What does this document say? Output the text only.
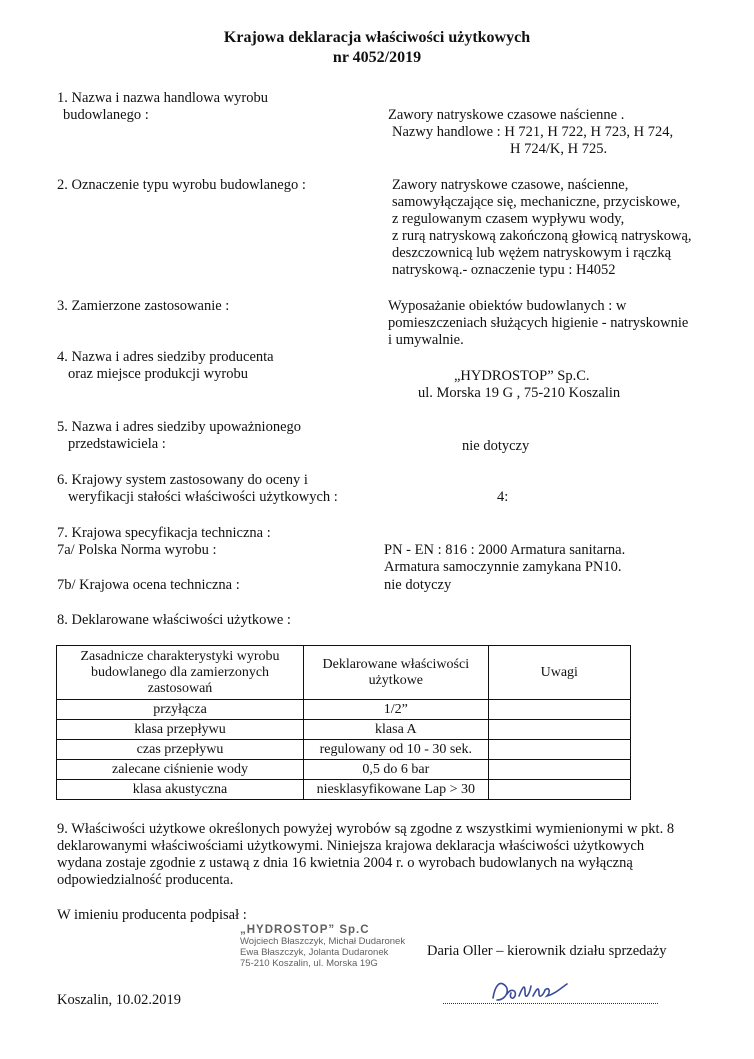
Krajowa deklaracja właściwości użytkowych
nr 4052/2019
1. Nazwa i nazwa handlowa wyrobu
budowlanego :	Zawory natryskowe czasowe naścienne .
Nazwy handlowe : H 721, H 722, H 723, H 724,
H 724/K, H 725.
2. Oznaczenie typu wyrobu budowlanego :	Zawory natryskowe czasowe, naścienne,
samowyłączające się, mechaniczne, przyciskowe,
z regulowanym czasem wypływu wody,
z rurą natryskową zakończoną głowicą natryskową,
deszczownicą lub wężem natryskowym i rączką
natryskową.- oznaczenie typu : H4052
3. Zamierzone zastosowanie :	Wyposażanie obiektów budowlanych : w
pomieszczeniach służących higienie - natryskownie
i umywalnie.
4. Nazwa i adres siedziby producenta
oraz miejsce produkcji wyrobu	„HYDROSTOP” Sp.C.
ul. Morska 19 G , 75-210 Koszalin
5. Nazwa i adres siedziby upoważnionego
przedstawiciela :	nie dotyczy
6. Krajowy system zastosowany do oceny i
weryfikacji stałości właściwości użytkowych :	4:
7. Krajowa specyfikacja techniczna :
7a/ Polska Norma wyrobu :	PN - EN : 816 : 2000 Armatura sanitarna.
Armatura samoczynnie zamykana PN10.
7b/ Krajowa ocena techniczna :	nie dotyczy
8. Deklarowane właściwości użytkowe :
Zasadnicze charakterystyki wyrobu budowlanego dla zamierzonych zastosowań	Deklarowane właściwości użytkowe	Uwagi
przyłącza	1/2”	
klasa przepływu	klasa A	
czas przepływu	regulowany od 10 - 30 sek.	
zalecane ciśnienie wody	0,5 do 6 bar	
klasa akustyczna	niesklasyfikowane Lap > 30	
9. Właściwości użytkowe określonych powyżej wyrobów są zgodne z wszystkimi wymienionymi w pkt. 8
deklarowanymi właściwościami użytkowymi. Niniejsza krajowa deklaracja właściwości użytkowych
wydana zostaje zgodnie z ustawą z dnia 16 kwietnia 2004 r. o wyrobach budowlanych na wyłączną
odpowiedzialność producenta.
W imieniu producenta podpisał :
„HYDROSTOP” Sp.C
Wojciech Błaszczyk, Michał Dudaronek
Ewa Błaszczyk, Jolanta Dudaronek
75-210 Koszalin, ul. Morska 19G
Daria Oller – kierownik działu sprzedaży
Koszalin, 10.02.2019
